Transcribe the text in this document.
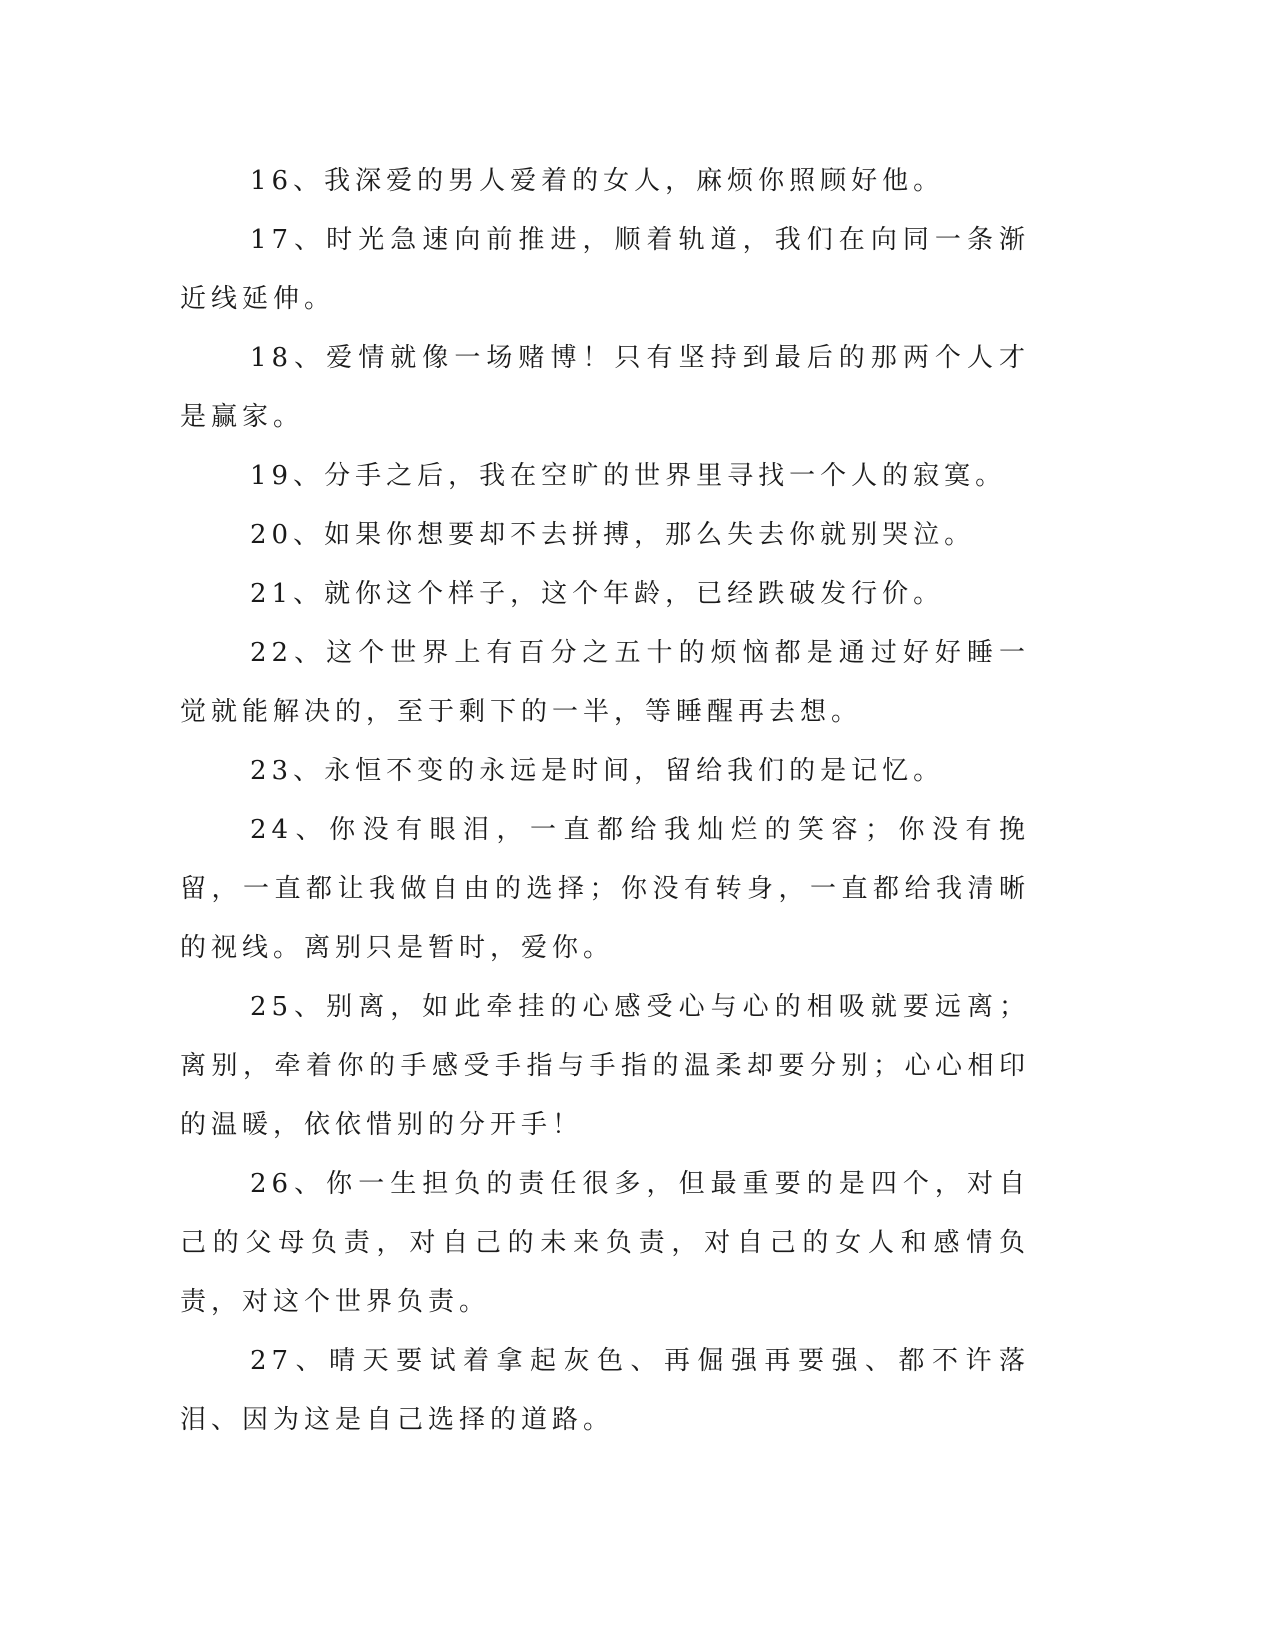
16、我深爱的男人爱着的女人，麻烦你照顾好他。

17、时光急速向前推进，顺着轨道，我们在向同一条渐近线延伸。

18、爱情就像一场赌博！只有坚持到最后的那两个人才是赢家。

19、分手之后，我在空旷的世界里寻找一个人的寂寞。

20、如果你想要却不去拼搏，那么失去你就别哭泣。

21、就你这个样子，这个年龄，已经跌破发行价。

22、这个世界上有百分之五十的烦恼都是通过好好睡一觉就能解决的，至于剩下的一半，等睡醒再去想。

23、永恒不变的永远是时间，留给我们的是记忆。

24、你没有眼泪，一直都给我灿烂的笑容；你没有挽留，一直都让我做自由的选择；你没有转身，一直都给我清晰的视线。离别只是暂时，爱你。

25、别离，如此牵挂的心感受心与心的相吸就要远离；离别，牵着你的手感受手指与手指的温柔却要分别；心心相印的温暖，依依惜别的分开手！

26、你一生担负的责任很多，但最重要的是四个，对自己的父母负责，对自己的未来负责，对自己的女人和感情负责，对这个世界负责。

27、晴天要试着拿起灰色、再倔强再要强、都不许落泪、因为这是自己选择的道路。
